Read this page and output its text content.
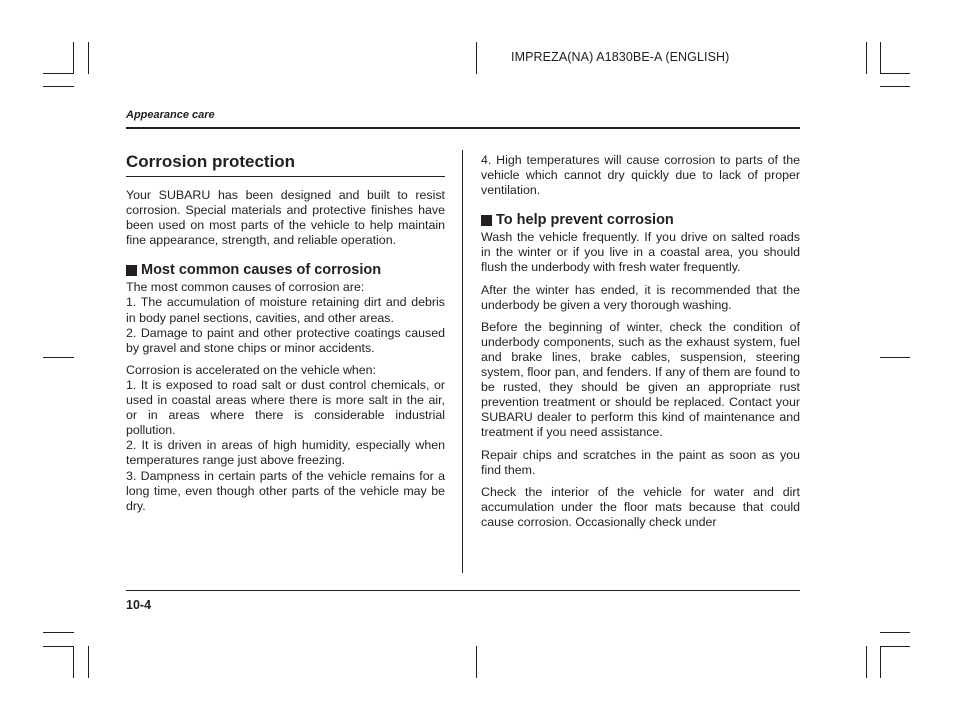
IMPREZA(NA) A1830BE-A (ENGLISH)
Appearance care
Corrosion protection

Your SUBARU has been designed and built to resist corrosion. Special materials and protective finishes have been used on most parts of the vehicle to help maintain fine appearance, strength, and reliable operation.

Most common causes of corrosion

The most common causes of corrosion are:

1. The accumulation of moisture retaining dirt and debris in body panel sections, cavities, and other areas.

2. Damage to paint and other protective coatings caused by gravel and stone chips or minor accidents.

Corrosion is accelerated on the vehicle when:

1. It is exposed to road salt or dust control chemicals, or used in coastal areas where there is more salt in the air, or in areas where there is considerable industrial pollution.

2. It is driven in areas of high humidity, especially when temperatures range just above freezing.

3. Dampness in certain parts of the vehicle remains for a long time, even though other parts of the vehicle may be dry.

4. High temperatures will cause corrosion to parts of the vehicle which cannot dry quickly due to lack of proper ventilation.

To help prevent corrosion

Wash the vehicle frequently. If you drive on salted roads in the winter or if you live in a coastal area, you should flush the underbody with fresh water frequently.

After the winter has ended, it is recommended that the underbody be given a very thorough washing.

Before the beginning of winter, check the condition of underbody components, such as the exhaust system, fuel and brake lines, brake cables, suspension, steering system, floor pan, and fenders. If any of them are found to be rusted, they should be given an appropriate rust prevention treatment or should be replaced. Contact your SUBARU dealer to perform this kind of maintenance and treatment if you need assistance.

Repair chips and scratches in the paint as soon as you find them.

Check the interior of the vehicle for water and dirt accumulation under the floor mats because that could cause corrosion. Occasionally check under

10-4
